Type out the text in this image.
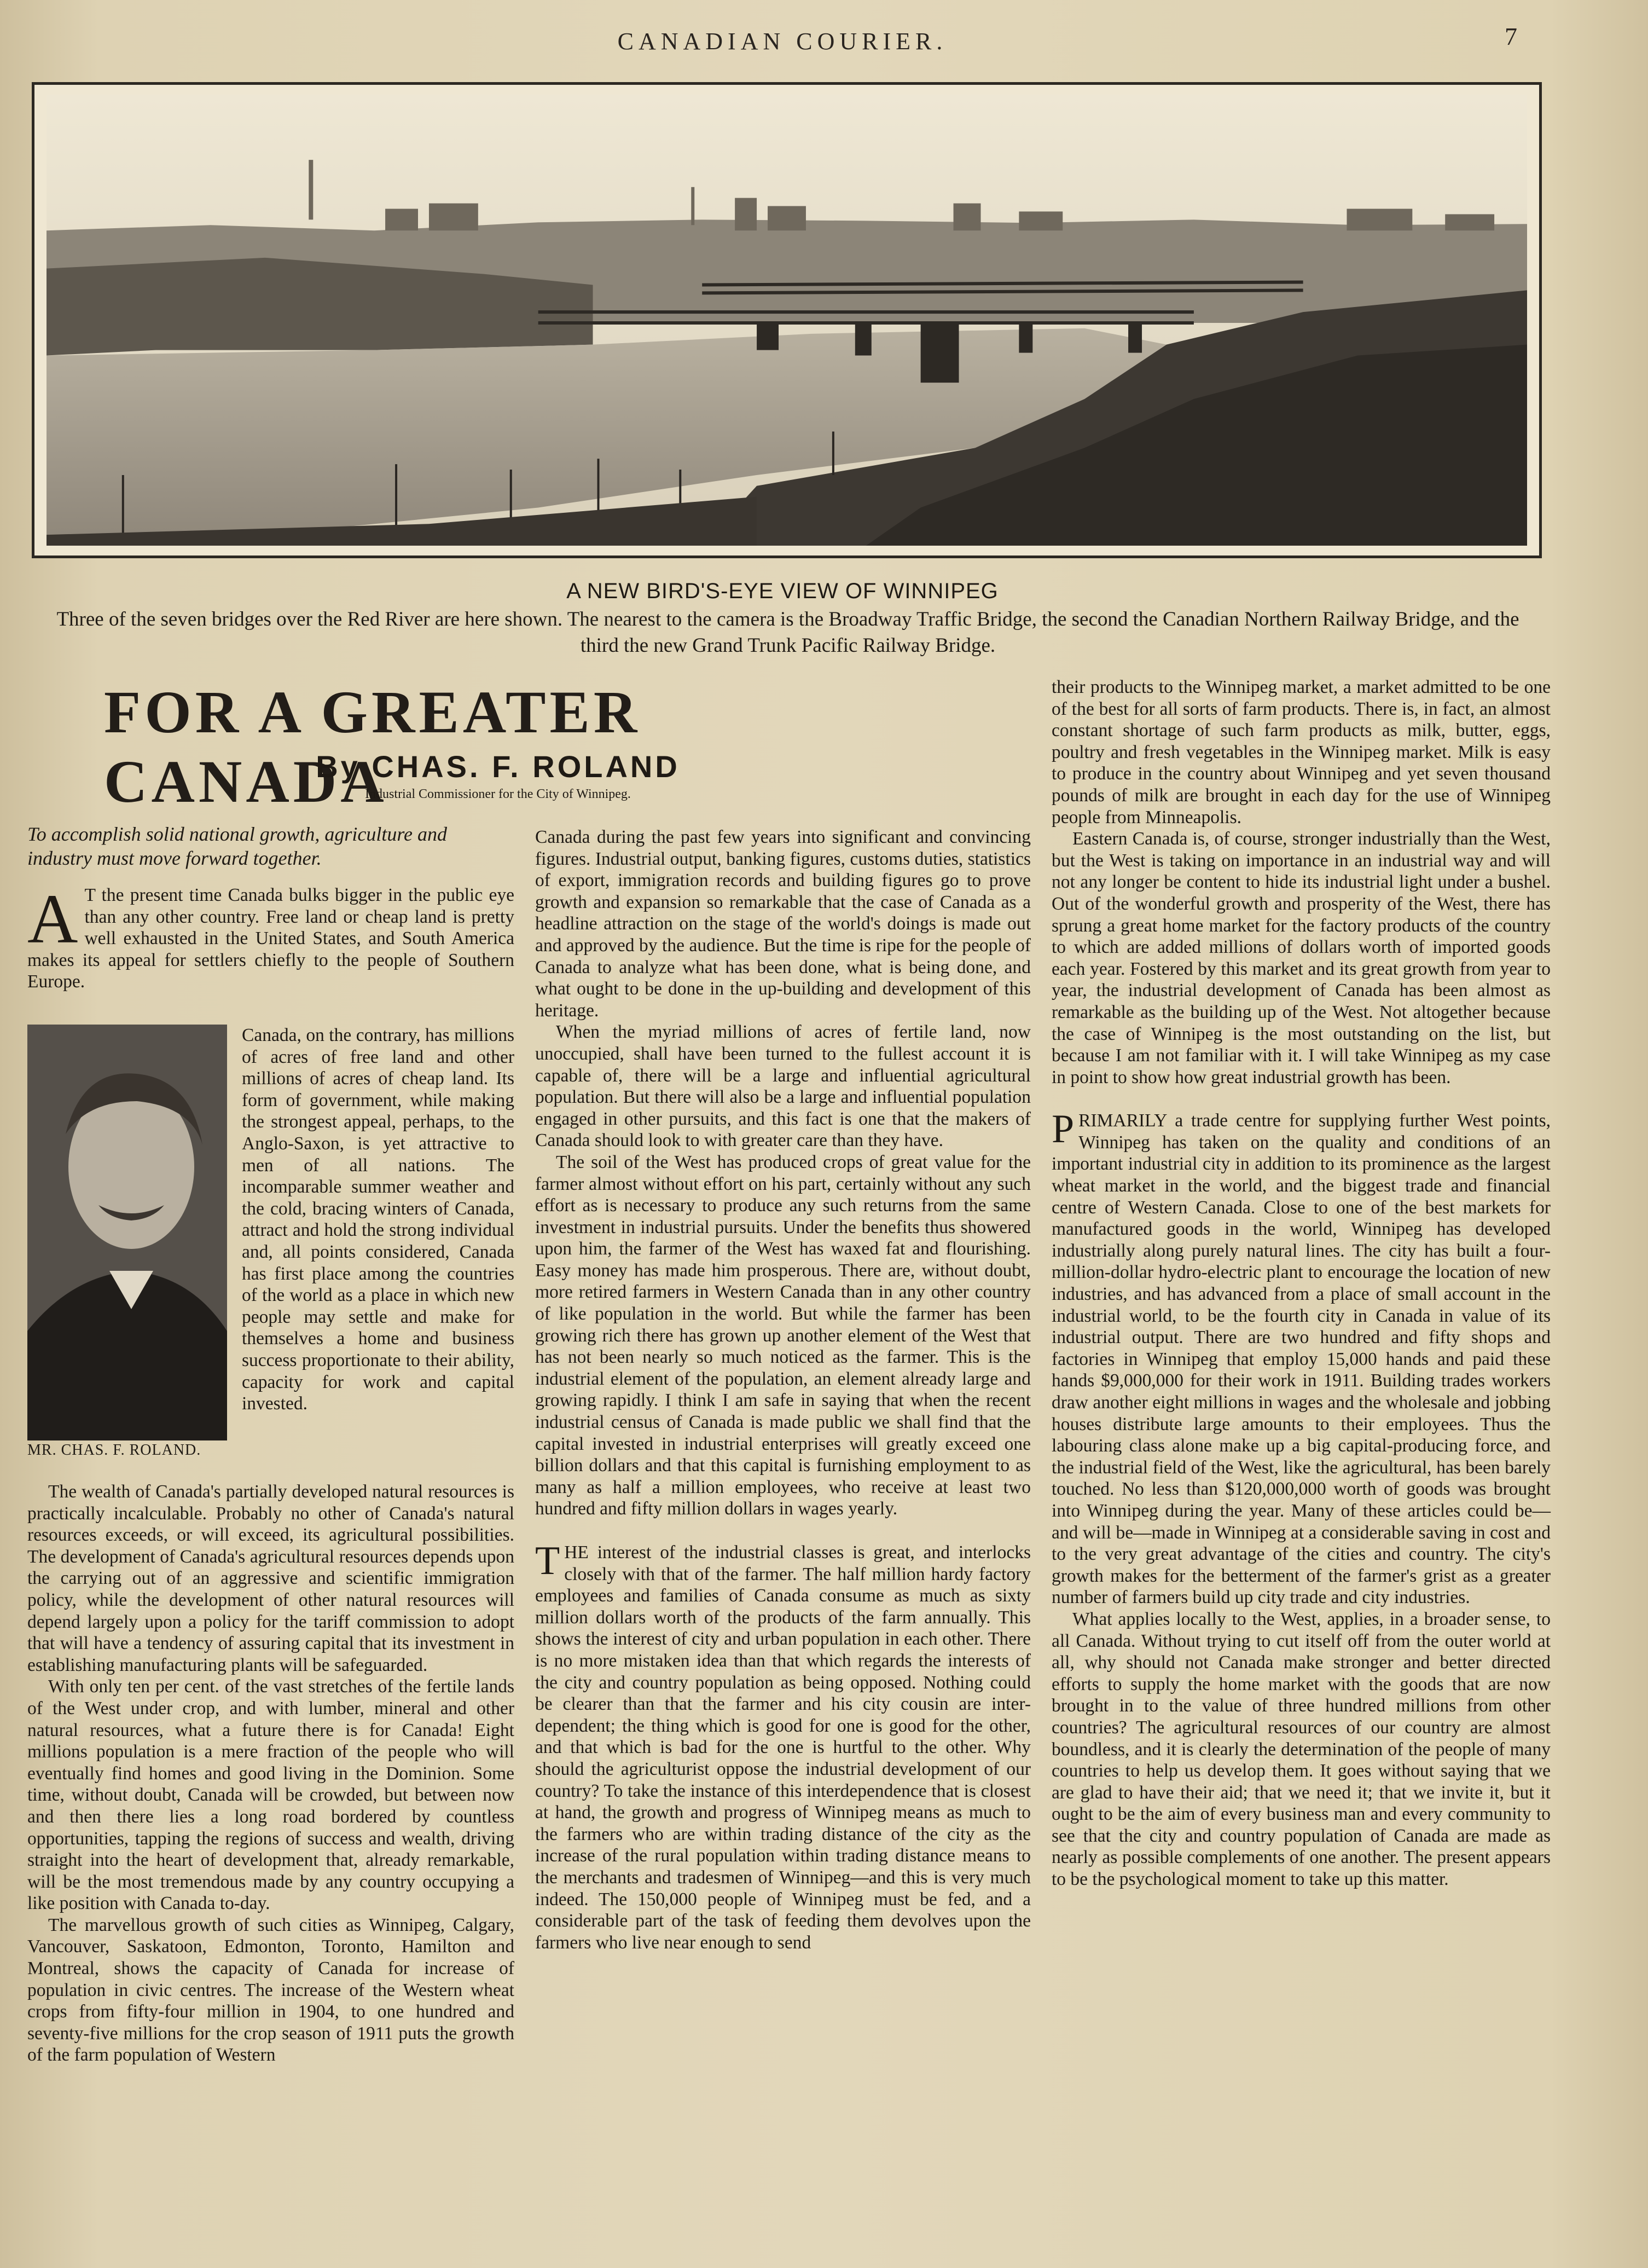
CANADIAN COURIER.	7
A NEW BIRD'S-EYE VIEW OF WINNIPEG
Three of the seven bridges over the Red River are here shown. The nearest to the camera is the Broadway Traffic Bridge, the second the Canadian Northern Railway Bridge, and the third the new Grand Trunk Pacific Railway Bridge.
FOR A GREATER CANADA
By CHAS. F. ROLAND
Industrial Commissioner for the City of Winnipeg.
To accomplish solid national growth, agriculture and industry must move forward together.

A T the present time Canada bulks bigger in the public eye than any other country. Free land or cheap land is pretty well exhausted in the United States, and South America makes its appeal for settlers chiefly to the people of Southern Europe.

MR. CHAS. F. ROLAND.

Canada, on the contrary, has millions of acres of free land and other millions of acres of cheap land. Its form of government, while making the strongest appeal, perhaps, to the Anglo-Saxon, is yet attractive to men of all nations. The incomparable summer weather and the cold, bracing winters of Canada, attract and hold the strong individual and, all points considered, Canada has first place among the countries of the world as a place in which new people may settle and make for themselves a home and business success proportionate to their ability, capacity for work and capital invested.

The wealth of Canada's partially developed natural resources is practically incalculable. Probably no other of Canada's natural resources exceeds, or will exceed, its agricultural possibilities. The development of Canada's agricultural resources depends upon the carrying out of an aggressive and scientific immigration policy, while the development of other natural resources will depend largely upon a policy for the tariff commission to adopt that will have a tendency of assuring capital that its investment in establishing manufacturing plants will be safeguarded.

With only ten per cent. of the vast stretches of the fertile lands of the West under crop, and with lumber, mineral and other natural resources, what a future there is for Canada! Eight millions population is a mere fraction of the people who will eventually find homes and good living in the Dominion. Some time, without doubt, Canada will be crowded, but between now and then there lies a long road bordered by countless opportunities, tapping the regions of success and wealth, driving straight into the heart of development that, already remarkable, will be the most tremendous made by any country occupying a like position with Canada to-day.

The marvellous growth of such cities as Winnipeg, Calgary, Vancouver, Saskatoon, Edmonton, Toronto, Hamilton and Montreal, shows the capacity of Canada for increase of population in civic centres. The increase of the Western wheat crops from fifty-four million in 1904, to one hundred and seventy-five millions for the crop season of 1911 puts the growth of the farm population of Western

Canada during the past few years into significant and convincing figures. Industrial output, banking figures, customs duties, statistics of export, immigration records and building figures go to prove growth and expansion so remarkable that the case of Canada as a headline attraction on the stage of the world's doings is made out and approved by the audience. But the time is ripe for the people of Canada to analyze what has been done, what is being done, and what ought to be done in the up-building and development of this heritage.

When the myriad millions of acres of fertile land, now unoccupied, shall have been turned to the fullest account it is capable of, there will be a large and influential agricultural population. But there will also be a large and influential population engaged in other pursuits, and this fact is one that the makers of Canada should look to with greater care than they have.

The soil of the West has produced crops of great value for the farmer almost without effort on his part, certainly without any such effort as is necessary to produce any such returns from the same investment in industrial pursuits. Under the benefits thus showered upon him, the farmer of the West has waxed fat and flourishing. Easy money has made him prosperous. There are, without doubt, more retired farmers in Western Canada than in any other country of like population in the world. But while the farmer has been growing rich there has grown up another element of the West that has not been nearly so much noticed as the farmer. This is the industrial element of the population, an element already large and growing rapidly. I think I am safe in saying that when the recent industrial census of Canada is made public we shall find that the capital invested in industrial enterprises will greatly exceed one billion dollars and that this capital is furnishing employment to as many as half a million employees, who receive at least two hundred and fifty million dollars in wages yearly.

THE interest of the industrial classes is great, and interlocks closely with that of the farmer. The half million hardy factory employees and families of Canada consume as much as sixty million dollars worth of the products of the farm annually. This shows the interest of city and urban population in each other. There is no more mistaken idea than that which regards the interests of the city and country population as being opposed. Nothing could be clearer than that the farmer and his city cousin are inter-dependent; the thing which is good for one is good for the other, and that which is bad for the one is hurtful to the other. Why should the agriculturist oppose the industrial development of our country? To take the instance of this interdependence that is closest at hand, the growth and progress of Winnipeg means as much to the farmers who are within trading distance of the city as the increase of the rural population within trading distance means to the merchants and tradesmen of Winnipeg—and this is very much indeed. The 150,000 people of Winnipeg must be fed, and a considerable part of the task of feeding them devolves upon the farmers who live near enough to send

their products to the Winnipeg market, a market admitted to be one of the best for all sorts of farm products. There is, in fact, an almost constant shortage of such farm products as milk, butter, eggs, poultry and fresh vegetables in the Winnipeg market. Milk is easy to produce in the country about Winnipeg and yet seven thousand pounds of milk are brought in each day for the use of Winnipeg people from Minneapolis.

Eastern Canada is, of course, stronger industrially than the West, but the West is taking on importance in an industrial way and will not any longer be content to hide its industrial light under a bushel. Out of the wonderful growth and prosperity of the West, there has sprung a great home market for the factory products of the country to which are added millions of dollars worth of imported goods each year. Fostered by this market and its great growth from year to year, the industrial development of Canada has been almost as remarkable as the building up of the West. Not altogether because the case of Winnipeg is the most outstanding on the list, but because I am not familiar with it. I will take Winnipeg as my case in point to show how great industrial growth has been.

PRIMARILY a trade centre for supplying further West points, Winnipeg has taken on the quality and conditions of an important industrial city in addition to its prominence as the largest wheat market in the world, and the biggest trade and financial centre of Western Canada. Close to one of the best markets for manufactured goods in the world, Winnipeg has developed industrially along purely natural lines. The city has built a four-million-dollar hydro-electric plant to encourage the location of new industries, and has advanced from a place of small account in the industrial world, to be the fourth city in Canada in value of its industrial output. There are two hundred and fifty shops and factories in Winnipeg that employ 15,000 hands and paid these hands $9,000,000 for their work in 1911. Building trades workers draw another eight millions in wages and the wholesale and jobbing houses distribute large amounts to their employees. Thus the labouring class alone make up a big capital-producing force, and the industrial field of the West, like the agricultural, has been barely touched. No less than $120,000,000 worth of goods was brought into Winnipeg during the year. Many of these articles could be—and will be—made in Winnipeg at a considerable saving in cost and to the very great advantage of the cities and country. The city's growth makes for the betterment of the farmer's grist as a greater number of farmers build up city trade and city industries.

What applies locally to the West, applies, in a broader sense, to all Canada. Without trying to cut itself off from the outer world at all, why should not Canada make stronger and better directed efforts to supply the home market with the goods that are now brought in to the value of three hundred millions from other countries? The agricultural resources of our country are almost boundless, and it is clearly the determination of the people of many countries to help us develop them. It goes without saying that we are glad to have their aid; that we need it; that we invite it, but it ought to be the aim of every business man and every community to see that the city and country population of Canada are made as nearly as possible complements of one another. The present appears to be the psychological moment to take up this matter.
